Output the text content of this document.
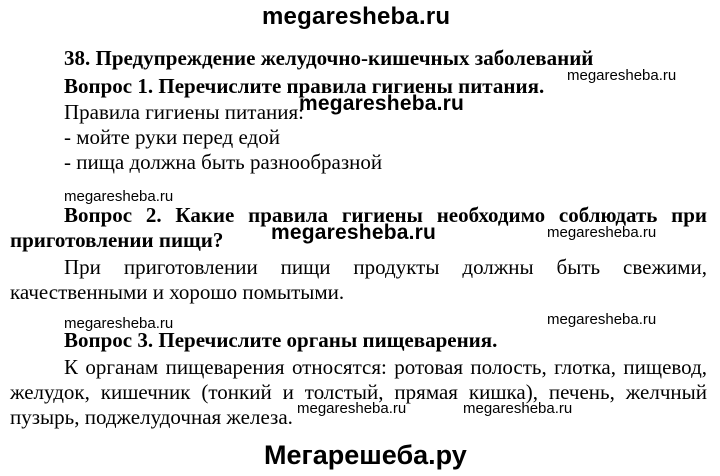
megaresheba.ru
38. Предупреждение желудочно-кишечных заболеваний
megaresheba.ru
Вопрос 1. Перечислите правила гигиены питания.
Правила гигиены питания:
megaresheba.ru
- мойте руки перед едой
- пища должна быть разнообразной
megaresheba.ru
Вопрос 2. Какие правила гигиены необходимо соблюдать при
приготовлении пищи? megaresheba.ru	megaresheba.ru
При приготовлении пищи продукты должны быть свежими,
качественными и хорошо помытыми.
megaresheba.ru	megaresheba.ru
Вопрос 3. Перечислите органы пищеварения.
К органам пищеварения относятся: ротовая полость, глотка, пищевод,
желудок, кишечник (тонкий и толстый, прямая кишка), печень, желчный
пузырь, поджелудочная железа. megaresheba.ru	megaresheba.ru
Мегарешеба.ру
